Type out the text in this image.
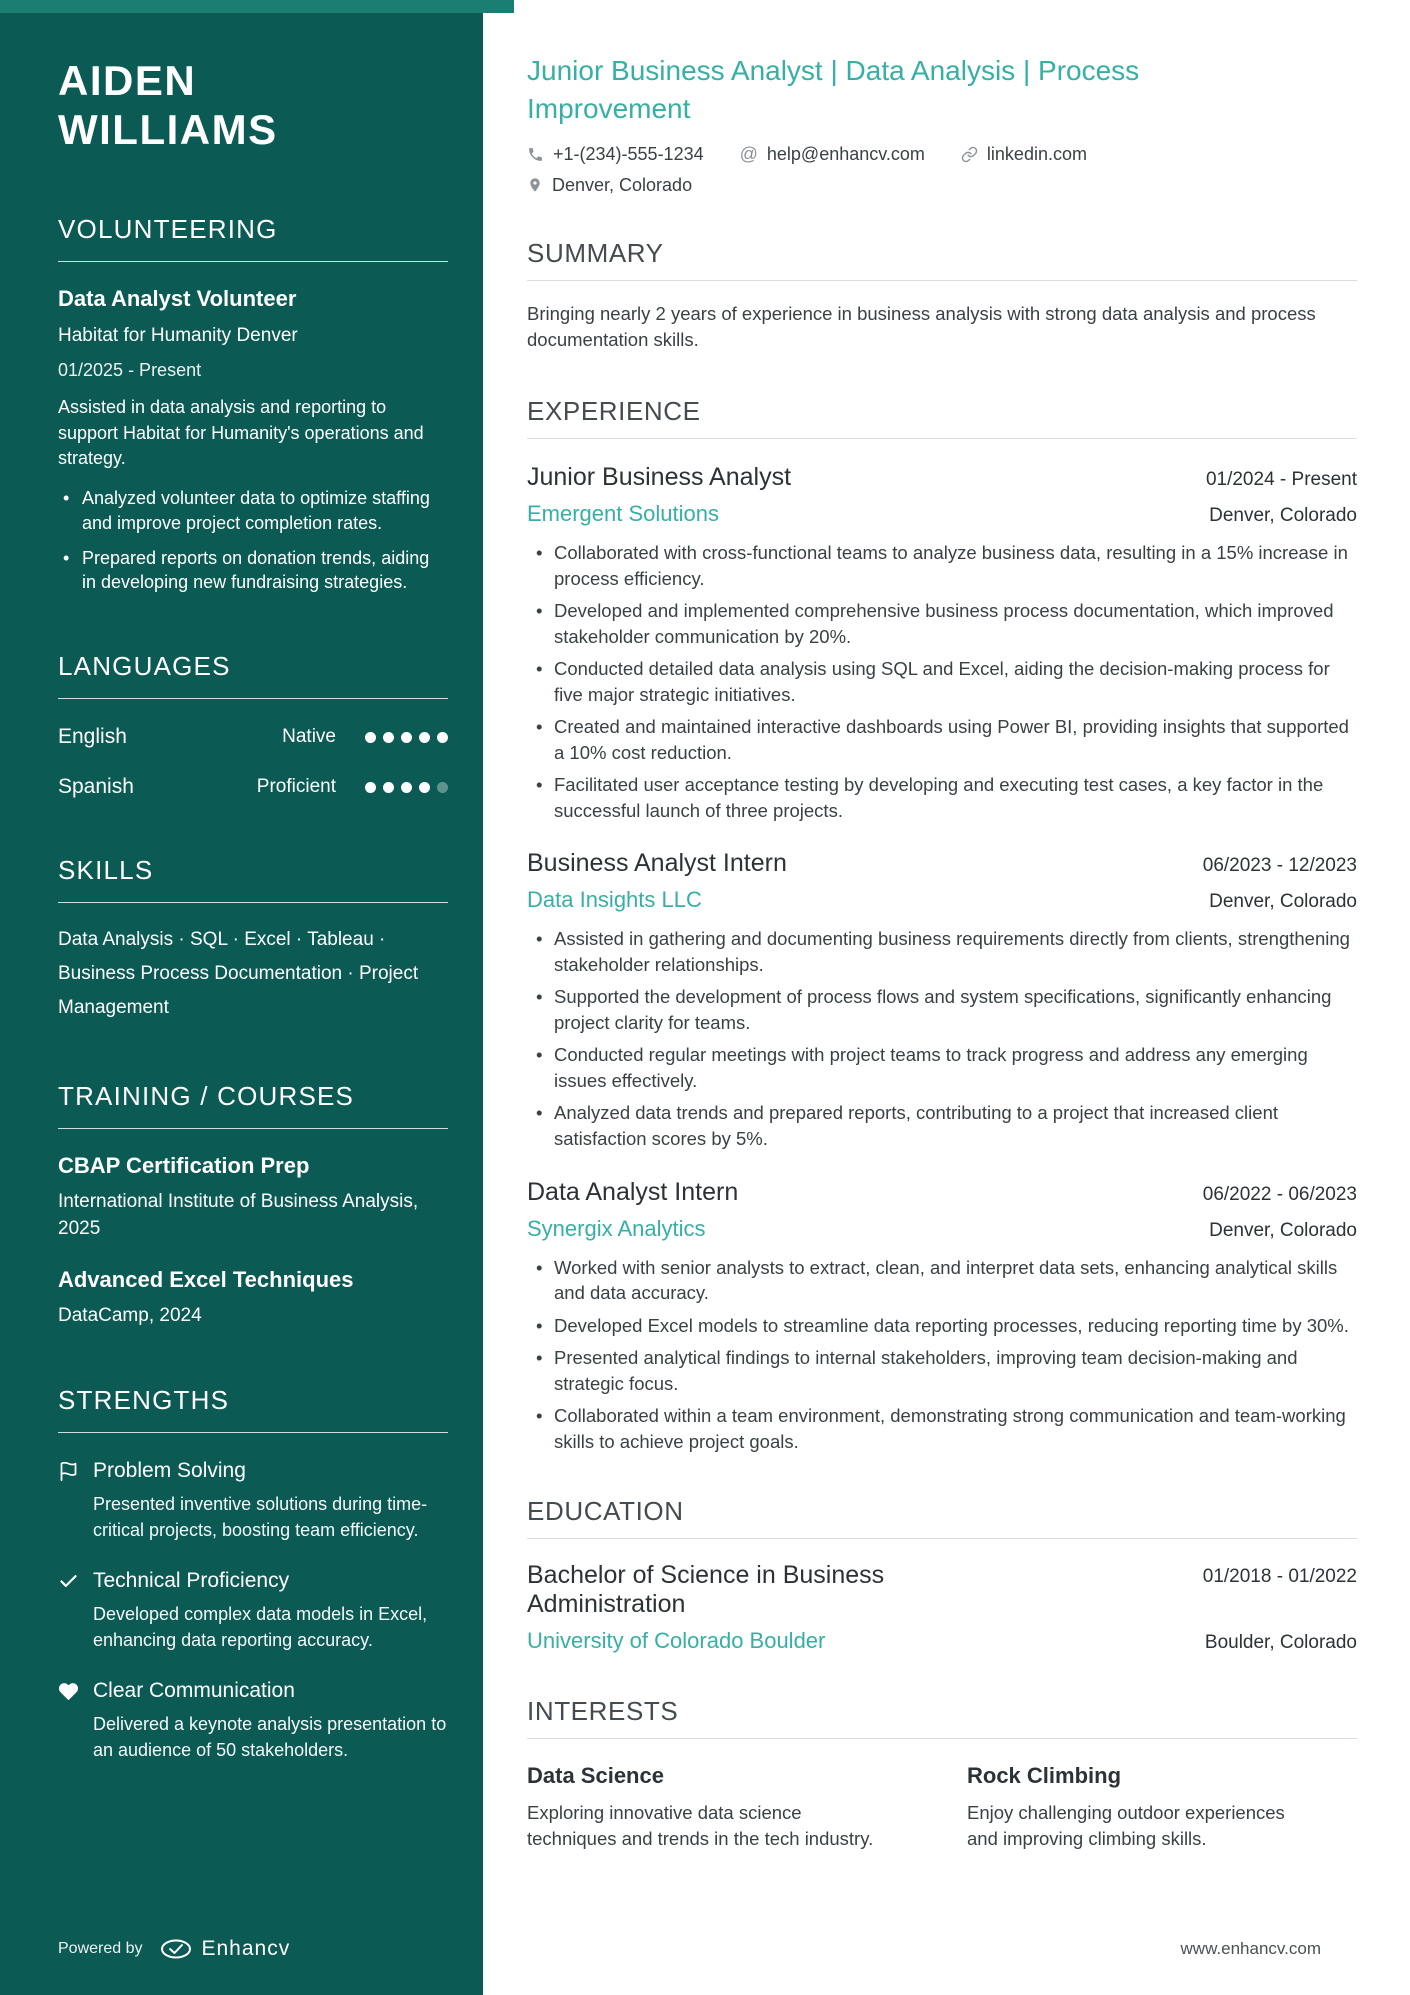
AIDEN
WILLIAMS
VOLUNTEERING
Data Analyst Volunteer
Habitat for Humanity Denver
01/2025 - Present
Assisted in data analysis and reporting to support Habitat for Humanity's operations and strategy.
• Analyzed volunteer data to optimize staffing and improve project completion rates.
• Prepared reports on donation trends, aiding in developing new fundraising strategies.
LANGUAGES
English	Native
Spanish	Proficient
SKILLS
Data Analysis · SQL · Excel · Tableau · Business Process Documentation · Project Management
TRAINING / COURSES
CBAP Certification Prep
International Institute of Business Analysis, 2025
Advanced Excel Techniques
DataCamp, 2024
STRENGTHS
Problem Solving
Presented inventive solutions during time-critical projects, boosting team efficiency.
Technical Proficiency
Developed complex data models in Excel, enhancing data reporting accuracy.
Clear Communication
Delivered a keynote analysis presentation to an audience of 50 stakeholders.
Powered by	Enhancv
Junior Business Analyst | Data Analysis | Process Improvement
+1-(234)-555-1234 @ help@enhancv.com	linkedin.com
Denver, Colorado
SUMMARY

Bringing nearly 2 years of experience in business analysis with strong data analysis and process documentation skills.

EXPERIENCE
Junior Business Analyst	01/2024 - Present
Emergent Solutions	Denver, Colorado
• Collaborated with cross-functional teams to analyze business data, resulting in a 15% increase in process efficiency.
• Developed and implemented comprehensive business process documentation, which improved stakeholder communication by 20%.
• Conducted detailed data analysis using SQL and Excel, aiding the decision-making process for five major strategic initiatives.
• Created and maintained interactive dashboards using Power BI, providing insights that supported a 10% cost reduction.
• Facilitated user acceptance testing by developing and executing test cases, a key factor in the successful launch of three projects.
Business Analyst Intern	06/2023 - 12/2023
Data Insights LLC	Denver, Colorado
• Assisted in gathering and documenting business requirements directly from clients, strengthening stakeholder relationships.
• Supported the development of process flows and system specifications, significantly enhancing project clarity for teams.
• Conducted regular meetings with project teams to track progress and address any emerging issues effectively.
• Analyzed data trends and prepared reports, contributing to a project that increased client satisfaction scores by 5%.
Data Analyst Intern	06/2022 - 06/2023
Synergix Analytics	Denver, Colorado
• Worked with senior analysts to extract, clean, and interpret data sets, enhancing analytical skills and data accuracy.
• Developed Excel models to streamline data reporting processes, reducing reporting time by 30%.
• Presented analytical findings to internal stakeholders, improving team decision-making and strategic focus.
• Collaborated within a team environment, demonstrating strong communication and team-working skills to achieve project goals.
EDUCATION
Bachelor of Science in Business Administration
01/2018 - 01/2022
University of Colorado Boulder	Boulder, Colorado
INTERESTS
Data Science
Exploring innovative data science techniques and trends in the tech industry.
Rock Climbing
Enjoy challenging outdoor experiences and improving climbing skills.
www.enhancv.com
